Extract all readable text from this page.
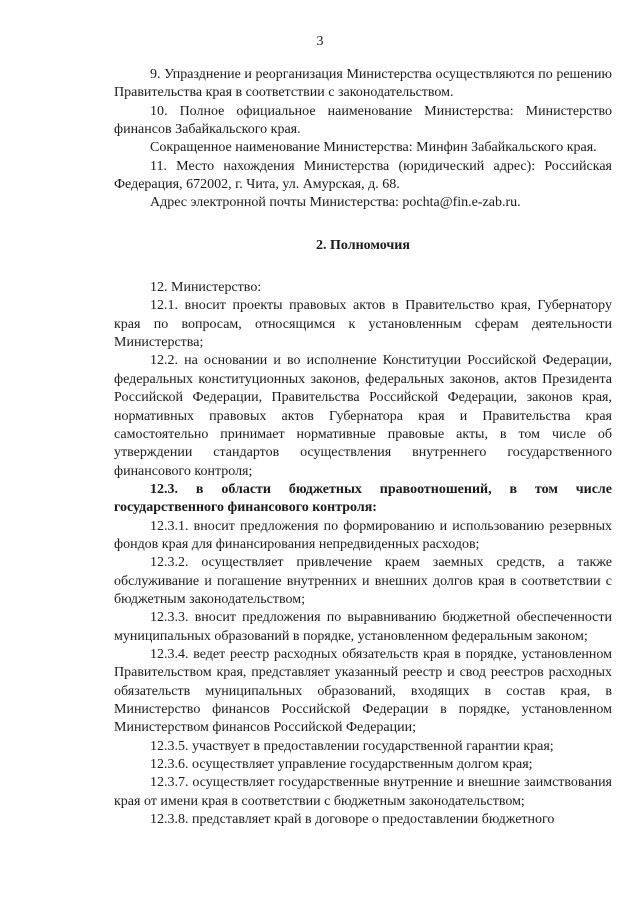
3

9. Упразднение и реорганизация Министерства осуществляются по решению Правительства края в соответствии с законодательством.

10. Полное официальное наименование Министерства: Министерство финансов Забайкальского края.

Сокращенное наименование Министерства: Минфин Забайкальского края.

11. Место нахождения Министерства (юридический адрес): Российская Федерация, 672002, г. Чита, ул. Амурская, д. 68.

Адрес электронной почты Министерства: pochta@fin.e-zab.ru.

2. Полномочия

12. Министерство:

12.1. вносит проекты правовых актов в Правительство края, Губернатору края по вопросам, относящимся к установленным сферам деятельности Министерства;

12.2. на основании и во исполнение Конституции Российской Федерации, федеральных конституционных законов, федеральных законов, актов Президента Российской Федерации, Правительства Российской Федерации, законов края, нормативных правовых актов Губернатора края и Правительства края самостоятельно принимает нормативные правовые акты, в том числе об утверждении стандартов осуществления внутреннего государственного финансового контроля;

12.3. в области бюджетных правоотношений, в том числе государственного финансового контроля:

12.3.1. вносит предложения по формированию и использованию резервных фондов края для финансирования непредвиденных расходов;

12.3.2. осуществляет привлечение краем заемных средств, а также обслуживание и погашение внутренних и внешних долгов края в соответствии с бюджетным законодательством;

12.3.3. вносит предложения по выравниванию бюджетной обеспеченности муниципальных образований в порядке, установленном федеральным законом;

12.3.4. ведет реестр расходных обязательств края в порядке, установленном Правительством края, представляет указанный реестр и свод реестров расходных обязательств муниципальных образований, входящих в состав края, в Министерство финансов Российской Федерации в порядке, установленном Министерством финансов Российской Федерации;

12.3.5. участвует в предоставлении государственной гарантии края;

12.3.6. осуществляет управление государственным долгом края;

12.3.7. осуществляет государственные внутренние и внешние заимствования края от имени края в соответствии с бюджетным законодательством;

12.3.8. представляет край в договоре о предоставлении бюджетного
